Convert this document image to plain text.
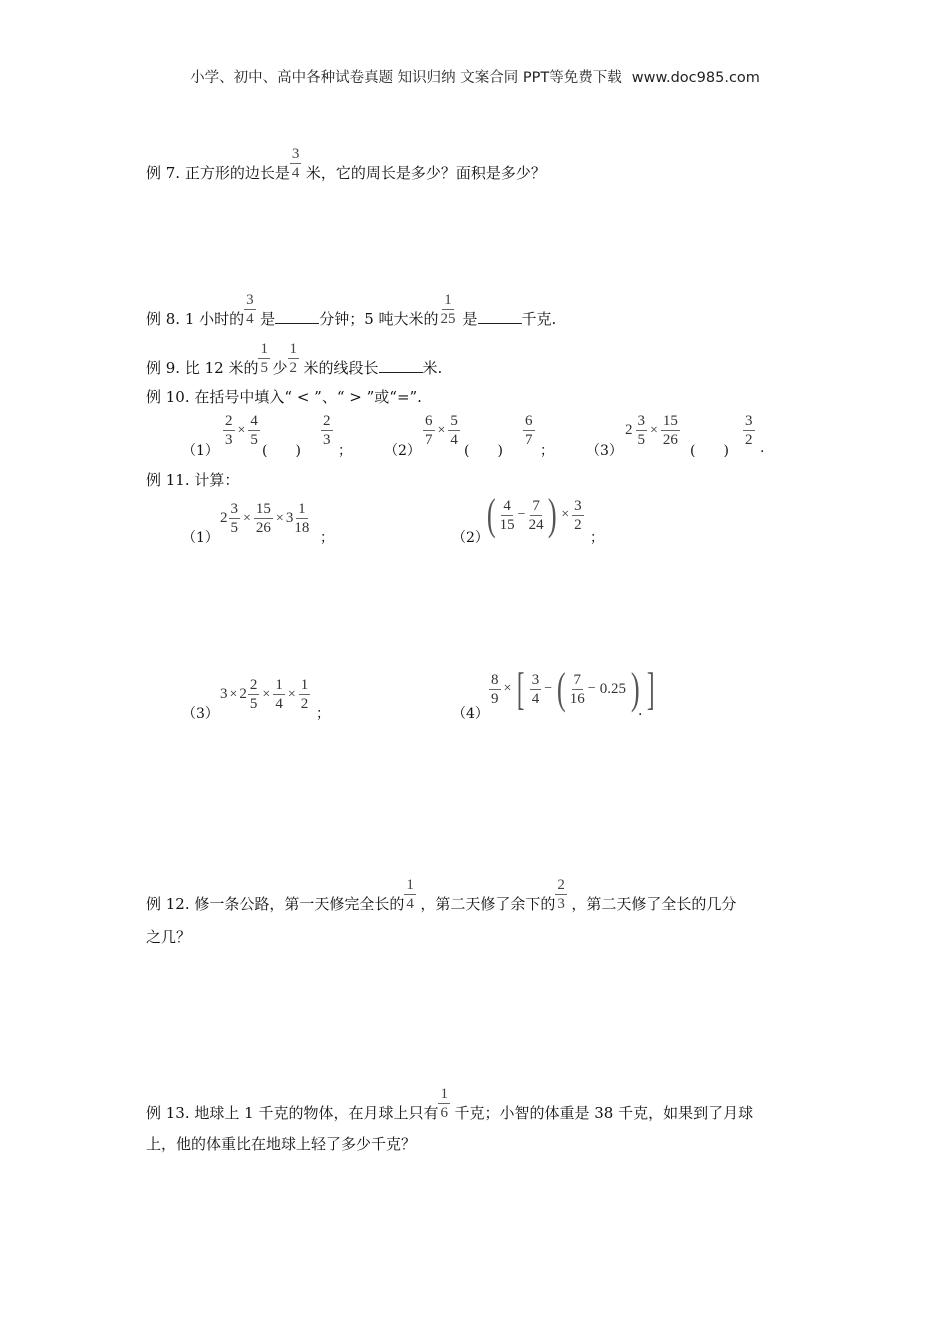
小学、初中、高中各种试卷真题 知识归纳 文案合同 PPT等免费下载 www.doc985.com
例 7. 正方形的边长是
3
4 米，它的周长是多少？面积是多少？
例 8. 1 小时的
3
4 是	分钟；5 吨大米的
1
25 是	千克.
例 9. 比 12 米的
1
5 少
1
2 米的线段长	米.
例 10. 在括号中填入“ < ”、“ > ”或“=”.
（1）
$\frac{2}{3} \times \frac{4}{5}$
(　　)
$\frac{2}{3}$
； （2）
$\frac{6}{7} \times \frac{5}{4}$
(　　)
$\frac{6}{7}$
； （3）
$2 \frac{3}{5} \times \frac{15}{26}$
(　　)
$\frac{3}{2}$ .
例 11. 计算：
（1）
$2 \frac{3}{5} \times \frac{15}{26} \times 3 \frac{1}{18}$
；	（2）
( $\frac{4}{15} - \frac{7}{24}$ ) × $\frac{3}{2}$
；
（3）
$3 \times 2 \frac{2}{5} \times \frac{1}{4} \times \frac{1}{2}$
；	（4）
$\frac{8}{9}$ × [ $\frac{3}{4}$ − ( $\frac{7}{16} - 0.25$ ) ]
.
例 12. 修一条公路，第一天修完全长的
1
4 ，第二天修了余下的
2
3 ，第二天修了全长的几分
之几？
例 13. 地球上 1 千克的物体，在月球上只有
1
6 千克；小智的体重是 38 千克，如果到了月球
上，他的体重比在地球上轻了多少千克？
